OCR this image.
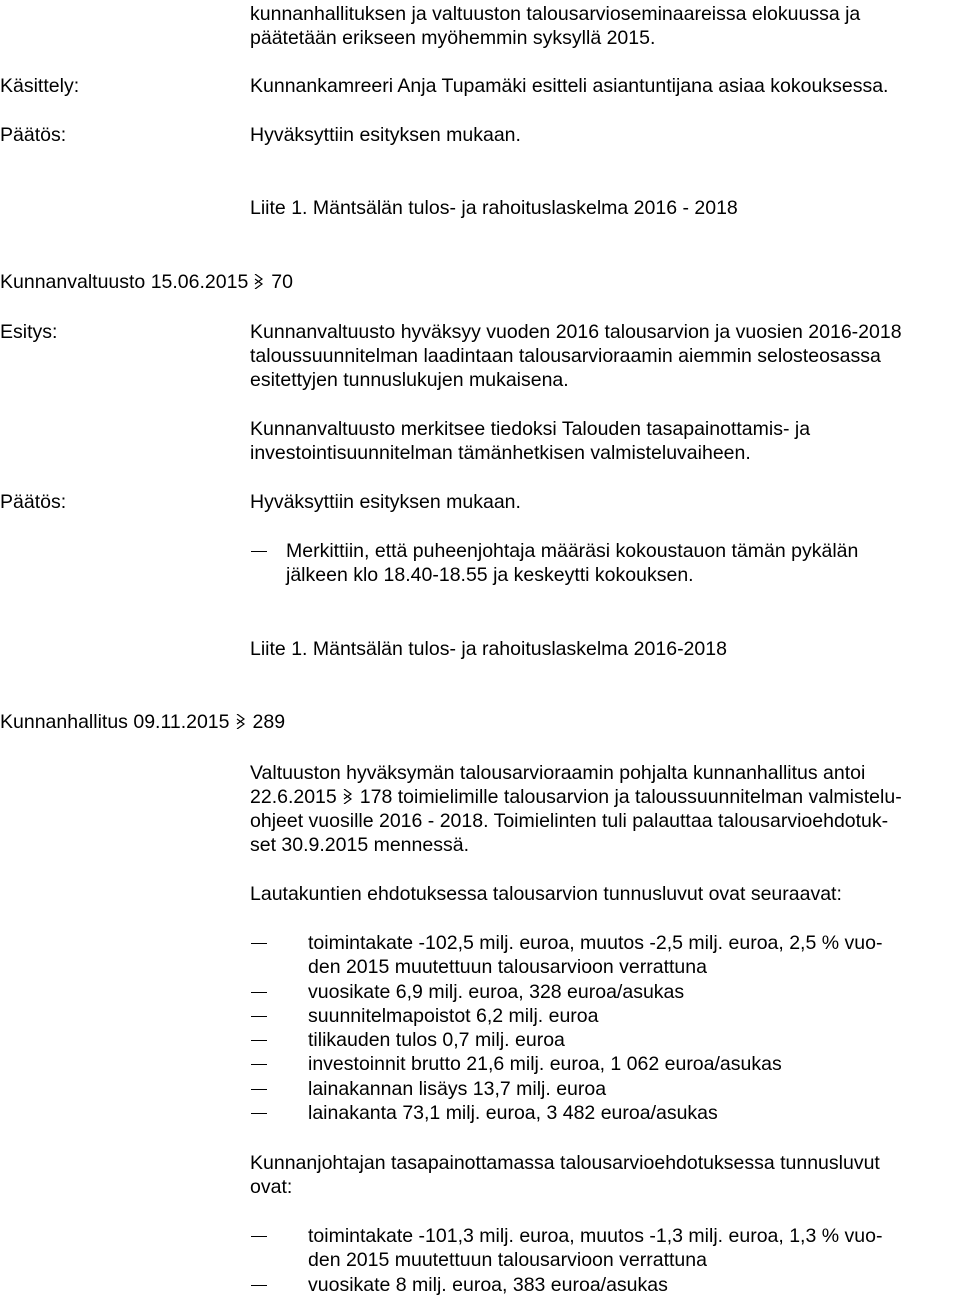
kunnanhallituksen ja valtuuston talousarvioseminaareissa elokuussa ja
päätetään erikseen myöhemmin syksyllä 2015.
Käsittely:	Kunnankamreeri Anja Tupamäki esitteli asiantuntijana asiaa kokouksessa.
Päätös:	Hyväksyttiin esityksen mukaan.
Liite 1. Mäntsälän tulos- ja rahoituslaskelma 2016 - 2018
Kunnanvaltuusto 15.06.2015 70
Esitys:	Kunnanvaltuusto hyväksyy vuoden 2016 talousarvion ja vuosien 2016-2018
taloussuunnitelman laadintaan talousarvioraamin aiemmin selosteosassa
esitettyjen tunnuslukujen mukaisena.
Kunnanvaltuusto merkitsee tiedoksi Talouden tasapainottamis- ja
investointisuunnitelman tämänhetkisen valmisteluvaiheen.
Päätös:	Hyväksyttiin esityksen mukaan.
Merkittiin, että puheenjohtaja määräsi kokoustauon tämän pykälän
jälkeen klo 18.40-18.55 ja keskeytti kokouksen.
Liite 1. Mäntsälän tulos- ja rahoituslaskelma 2016-2018
Kunnanhallitus 09.11.2015 289
Valtuuston hyväksymän talousarvioraamin pohjalta kunnanhallitus antoi
22.6.2015 178 toimielimille talousarvion ja taloussuunnitelman valmistelu-
ohjeet vuosille 2016 - 2018. Toimielinten tuli palauttaa talousarvioehdotuk-
set 30.9.2015 mennessä.
Lautakuntien ehdotuksessa talousarvion tunnusluvut ovat seuraavat:
toimintakate -102,5 milj. euroa, muutos -2,5 milj. euroa, 2,5 % vuo-
den 2015 muutettuun talousarvioon verrattuna
vuosikate 6,9 milj. euroa, 328 euroa/asukas
suunnitelmapoistot 6,2 milj. euroa
tilikauden tulos 0,7 milj. euroa
investoinnit brutto 21,6 milj. euroa, 1 062 euroa/asukas
lainakannan lisäys 13,7 milj. euroa
lainakanta 73,1 milj. euroa, 3 482 euroa/asukas
Kunnanjohtajan tasapainottamassa talousarvioehdotuksessa tunnusluvut
ovat:
toimintakate -101,3 milj. euroa, muutos -1,3 milj. euroa, 1,3 % vuo-
den 2015 muutettuun talousarvioon verrattuna
vuosikate 8 milj. euroa, 383 euroa/asukas
